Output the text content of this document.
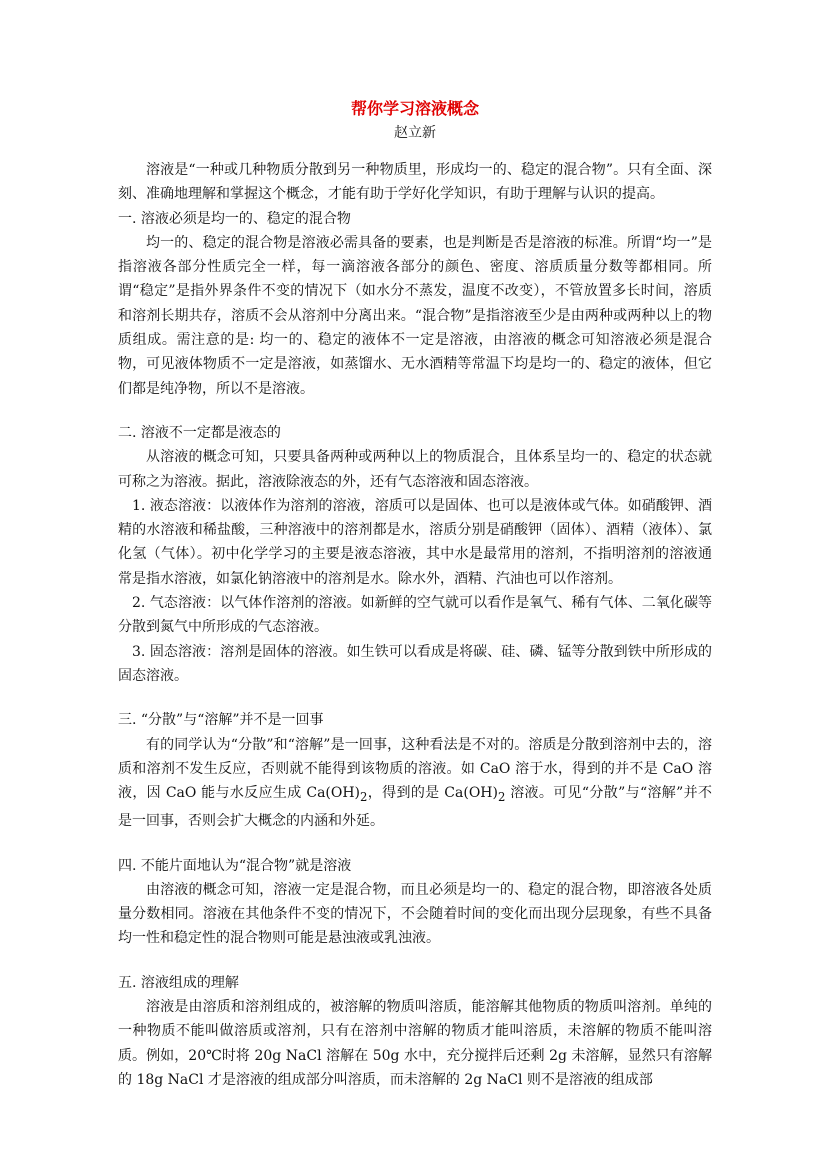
帮你学习溶液概念

赵立新

溶液是“一种或几种物质分散到另一种物质里，形成均一的、稳定的混合物”。只有全面、深刻、准确地理解和掌握这个概念，才能有助于学好化学知识，有助于理解与认识的提高。

一. 溶液必须是均一的、稳定的混合物

均一的、稳定的混合物是溶液必需具备的要素，也是判断是否是溶液的标准。所谓“均一”是指溶液各部分性质完全一样，每一滴溶液各部分的颜色、密度、溶质质量分数等都相同。所谓“稳定”是指外界条件不变的情况下（如水分不蒸发，温度不改变），不管放置多长时间，溶质和溶剂长期共存，溶质不会从溶剂中分离出来。“混合物”是指溶液至少是由两种或两种以上的物质组成。需注意的是: 均一的、稳定的液体不一定是溶液，由溶液的概念可知溶液必须是混合物，可见液体物质不一定是溶液，如蒸馏水、无水酒精等常温下均是均一的、稳定的液体，但它们都是纯净物，所以不是溶液。

二. 溶液不一定都是液态的

从溶液的概念可知，只要具备两种或两种以上的物质混合，且体系呈均一的、稳定的状态就可称之为溶液。据此，溶液除液态的外，还有气态溶液和固态溶液。

1. 液态溶液：以液体作为溶剂的溶液，溶质可以是固体、也可以是液体或气体。如硝酸钾、酒精的水溶液和稀盐酸，三种溶液中的溶剂都是水，溶质分别是硝酸钾（固体）、酒精（液体）、氯化氢（气体）。初中化学学习的主要是液态溶液，其中水是最常用的溶剂，不指明溶剂的溶液通常是指水溶液，如氯化钠溶液中的溶剂是水。除水外，酒精、汽油也可以作溶剂。

2. 气态溶液：以气体作溶剂的溶液。如新鲜的空气就可以看作是氧气、稀有气体、二氧化碳等分散到氮气中所形成的气态溶液。

3. 固态溶液：溶剂是固体的溶液。如生铁可以看成是将碳、硅、磷、锰等分散到铁中所形成的固态溶液。

三. “分散”与“溶解”并不是一回事

有的同学认为“分散”和“溶解”是一回事，这种看法是不对的。溶质是分散到溶剂中去的，溶质和溶剂不发生反应，否则就不能得到该物质的溶液。如 CaO 溶于水，得到的并不是 CaO 溶液，因 CaO 能与水反应生成 $Ca(OH)_2$，得到的是 $Ca(OH)_2$ 溶液。可见“分散”与“溶解”并不是一回事，否则会扩大概念的内涵和外延。

四. 不能片面地认为“混合物”就是溶液

由溶液的概念可知，溶液一定是混合物，而且必须是均一的、稳定的混合物，即溶液各处质量分数相同。溶液在其他条件不变的情况下，不会随着时间的变化而出现分层现象，有些不具备均一性和稳定性的混合物则可能是悬浊液或乳浊液。

五. 溶液组成的理解

溶液是由溶质和溶剂组成的，被溶解的物质叫溶质，能溶解其他物质的物质叫溶剂。单纯的一种物质不能叫做溶质或溶剂，只有在溶剂中溶解的物质才能叫溶质，未溶解的物质不能叫溶质。例如，20℃时将 20g NaCl 溶解在 50g 水中，充分搅拌后还剩 2g 未溶解，显然只有溶解的 18g NaCl 才是溶液的组成部分叫溶质，而未溶解的 2g NaCl 则不是溶液的组成部
